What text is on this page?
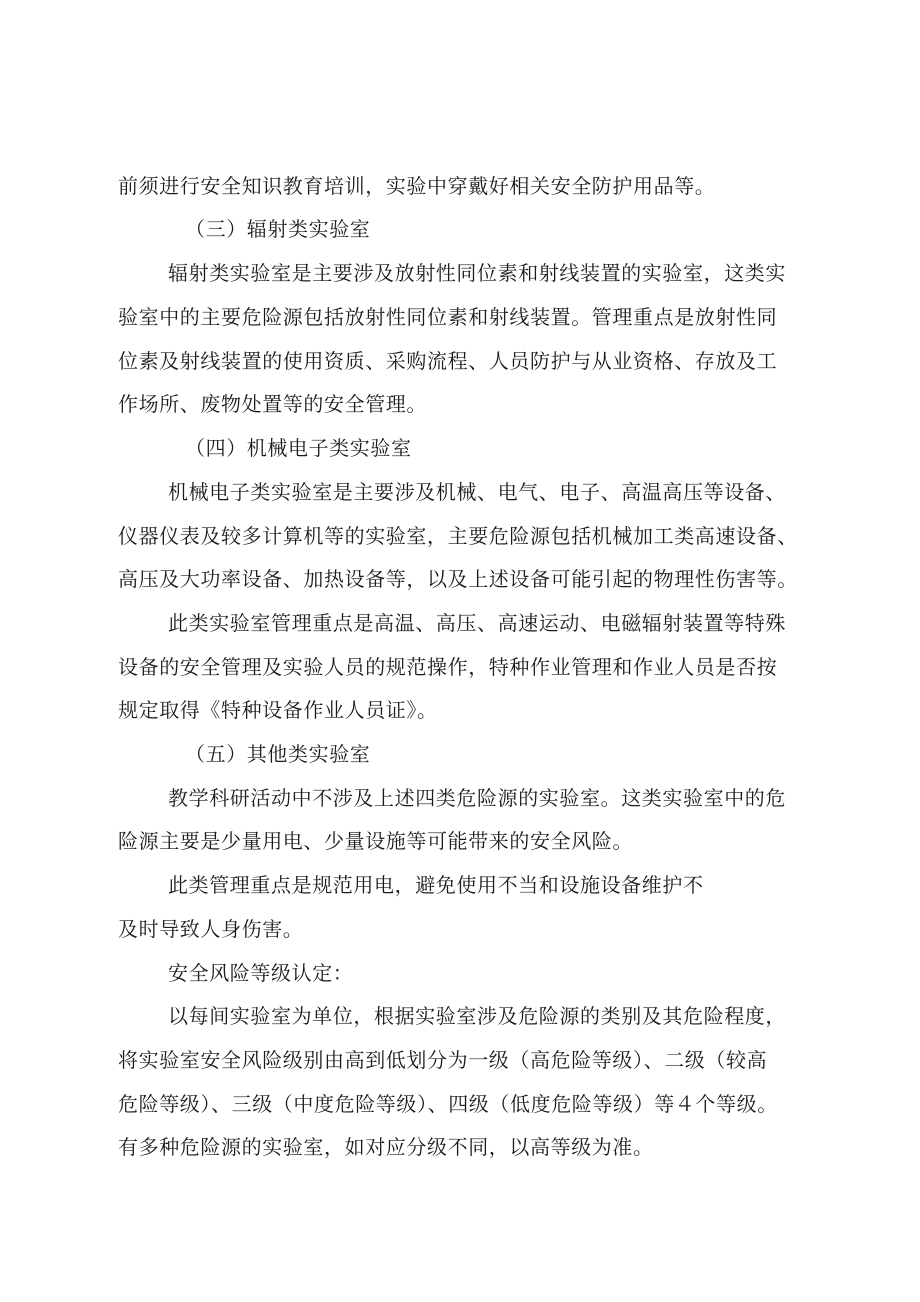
前须进行安全知识教育培训，实验中穿戴好相关安全防护用品等。
（三）辐射类实验室
辐射类实验室是主要涉及放射性同位素和射线装置的实验室，这类实
验室中的主要危险源包括放射性同位素和射线装置。管理重点是放射性同
位素及射线装置的使用资质、采购流程、人员防护与从业资格、存放及工
作场所、废物处置等的安全管理。
（四）机械电子类实验室
机械电子类实验室是主要涉及机械、电气、电子、高温高压等设备、
仪器仪表及较多计算机等的实验室，主要危险源包括机械加工类高速设备、
高压及大功率设备、加热设备等，以及上述设备可能引起的物理性伤害等。
此类实验室管理重点是高温、高压、高速运动、电磁辐射装置等特殊
设备的安全管理及实验人员的规范操作，特种作业管理和作业人员是否按
规定取得《特种设备作业人员证》。
（五）其他类实验室
教学科研活动中不涉及上述四类危险源的实验室。这类实验室中的危
险源主要是少量用电、少量设施等可能带来的安全风险。
此类管理重点是规范用电，避免使用不当和设施设备维护不
及时导致人身伤害。
安全风险等级认定：
以每间实验室为单位，根据实验室涉及危险源的类别及其危险程度，
将实验室安全风险级别由高到低划分为一级（高危险等级）、二级（较高
危险等级）、三级（中度危险等级）、四级（低度危险等级）等４个等级。
有多种危险源的实验室，如对应分级不同，以高等级为准。
